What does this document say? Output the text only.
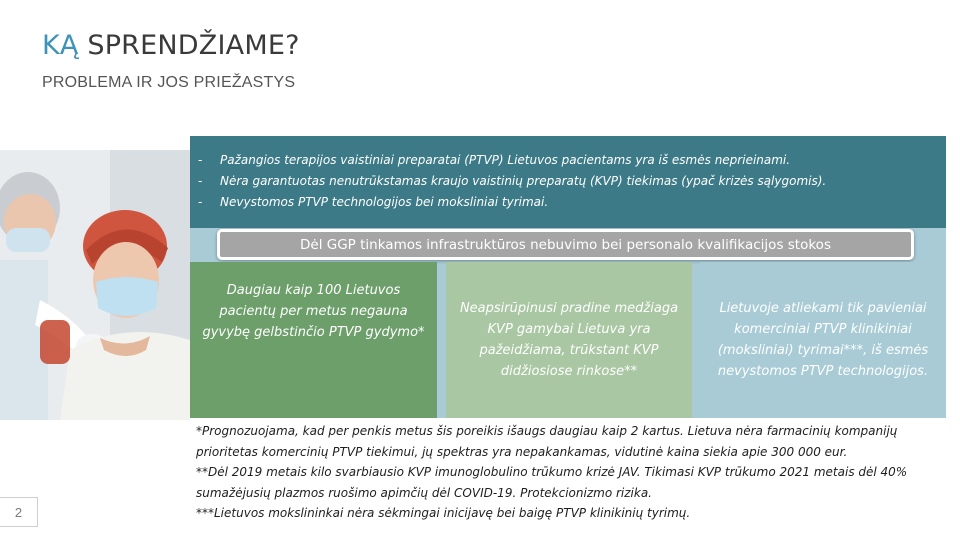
KĄ SPRENDŽIAME?

PROBLEMA IR JOS PRIEŽASTYS

- Pažangios terapijos vaistiniai preparatai (PTVP) Lietuvos pacientams yra iš esmės neprieinami.
- Nėra garantuotas nenutrūkstamas kraujo vaistinių preparatų (KVP) tiekimas (ypač krizės sąlygomis).
- Nevystomos PTVP technologijos bei moksliniai tyrimai.
Dėl GGP tinkamos infrastruktūros nebuvimo bei personalo kvalifikacijos stokos
Daugiau kaip 100 Lietuvos pacientų per metus negauna gyvybę gelbstinčio PTVP gydymo*
Neapsirūpinusi pradine medžiaga KVP gamybai Lietuva yra pažeidžiama, trūkstant KVP didžiosiose rinkose**
Lietuvoje atliekami tik pavieniai komerciniai PTVP klinikiniai (moksliniai) tyrimai***, iš esmės nevystomos PTVP technologijos.

*Prognozuojama, kad per penkis metus šis poreikis išaugs daugiau kaip 2 kartus. Lietuva nėra farmacinių kompanijų prioritetas komercinių PTVP tiekimui, jų spektras yra nepakankamas, vidutinė kaina siekia apie 300 000 eur.

**Dėl 2019 metais kilo svarbiausio KVP imunoglobulino trūkumo krizė JAV. Tikimasi KVP trūkumo 2021 metais dėl 40% sumažėjusių plazmos ruošimo apimčių dėl COVID-19. Protekcionizmo rizika.

***Lietuvos mokslininkai nėra sėkmingai inicijavę bei baigę PTVP klinikinių tyrimų.

2
